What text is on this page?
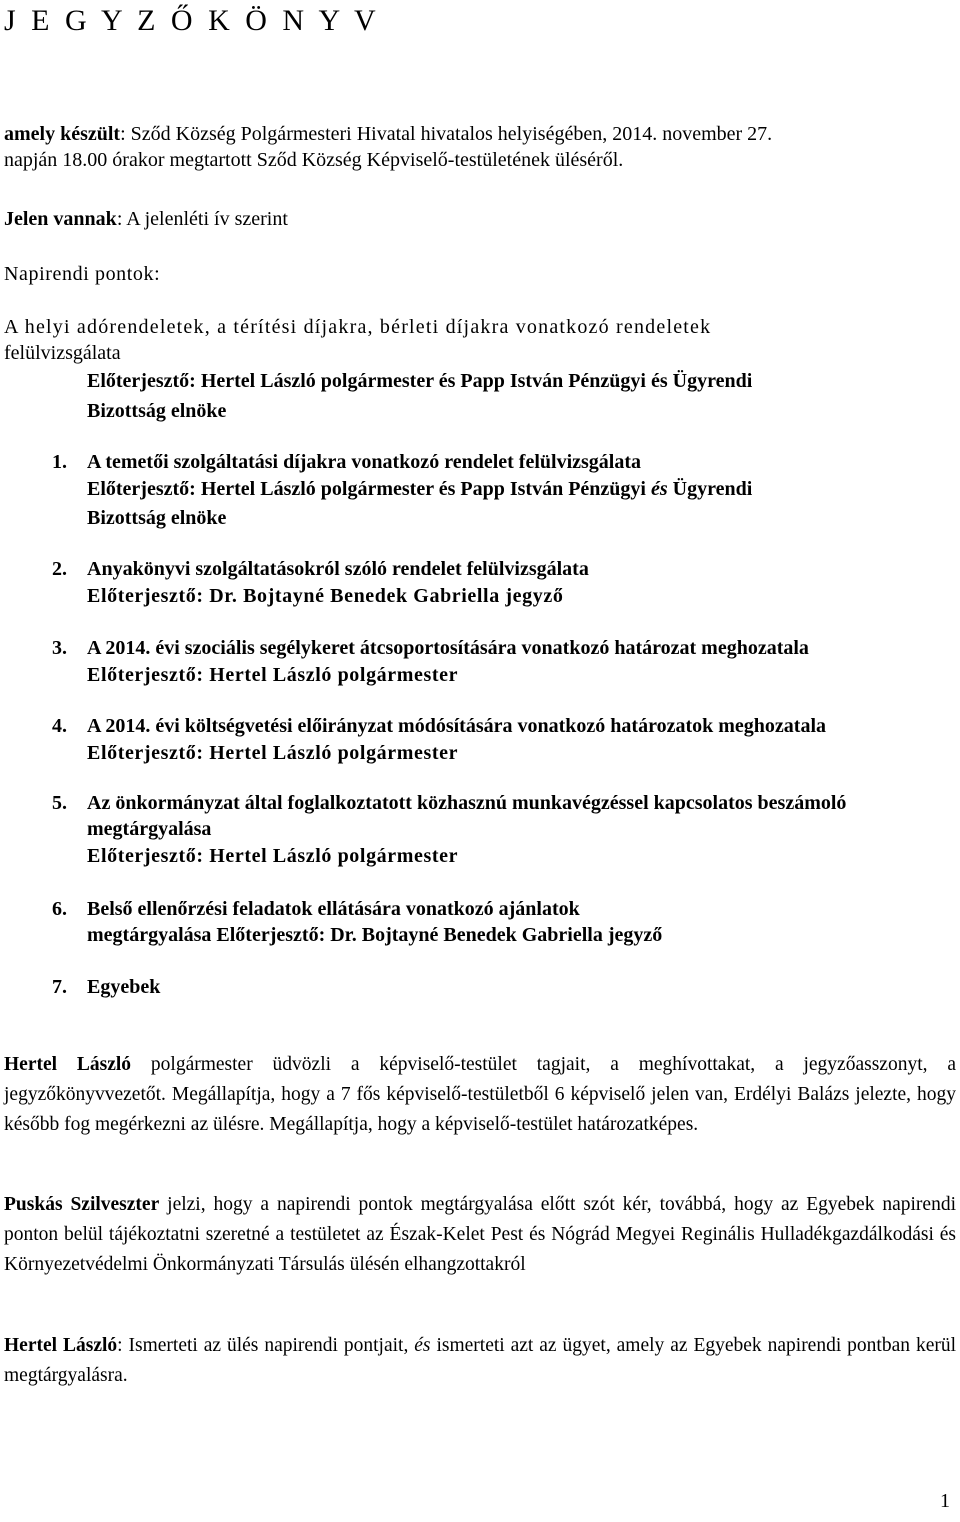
J E G Y Z Ő K Ö N Y V
amely készült: Sződ Község Polgármesteri Hivatal hivatalos helyiségében, 2014. november 27.
napján 18.00 órakor megtartott Sződ Község Képviselő-testületének üléséről.
Jelen vannak: A jelenléti ív szerint
Napirendi pontok:
A helyi adórendeletek, a térítési díjakra, bérleti díjakra vonatkozó rendeletek
felülvizsgálata
Előterjesztő: Hertel László polgármester és Papp István Pénzügyi és Ügyrendi
Bizottság elnöke
1. A temetői szolgáltatási díjakra vonatkozó rendelet felülvizsgálata
Előterjesztő: Hertel László polgármester és Papp István Pénzügyi és Ügyrendi
Bizottság elnöke
2. Anyakönyvi szolgáltatásokról szóló rendelet felülvizsgálata
Előterjesztő: Dr. Bojtayné Benedek Gabriella jegyző
3. A 2014. évi szociális segélykeret átcsoportosítására vonatkozó határozat meghozatala
Előterjesztő: Hertel László polgármester
4. A 2014. évi költségvetési előirányzat módósítására vonatkozó határozatok meghozatala
Előterjesztő: Hertel László polgármester
5. Az önkormányzat által foglalkoztatott közhasznú munkavégzéssel kapcsolatos beszámoló
megtárgyalása
Előterjesztő: Hertel László polgármester
6. Belső ellenőrzési feladatok ellátására vonatkozó ajánlatok
megtárgyalása Előterjesztő: Dr. Bojtayné Benedek Gabriella jegyző
7. Egyebek
Hertel László polgármester üdvözli a képviselő-testület tagjait, a meghívottakat, a jegyzőasszonyt, a jegyzőkönyvvezetőt. Megállapítja, hogy a 7 fős képviselő-testületből 6 képviselő jelen van, Erdélyi Balázs jelezte, hogy később fog megérkezni az ülésre. Megállapítja, hogy a képviselő-testület határozatképes.
Puskás Szilveszter jelzi, hogy a napirendi pontok megtárgyalása előtt szót kér, továbbá, hogy az Egyebek napirendi ponton belül tájékoztatni szeretné a testületet az Észak-Kelet Pest és Nógrád Megyei Reginális Hulladékgazdálkodási és Környezetvédelmi Önkormányzati Társulás ülésén elhangzottakról
Hertel László: Ismerteti az ülés napirendi pontjait, és ismerteti azt az ügyet, amely az Egyebek napirendi pontban kerül megtárgyalásra.
1
